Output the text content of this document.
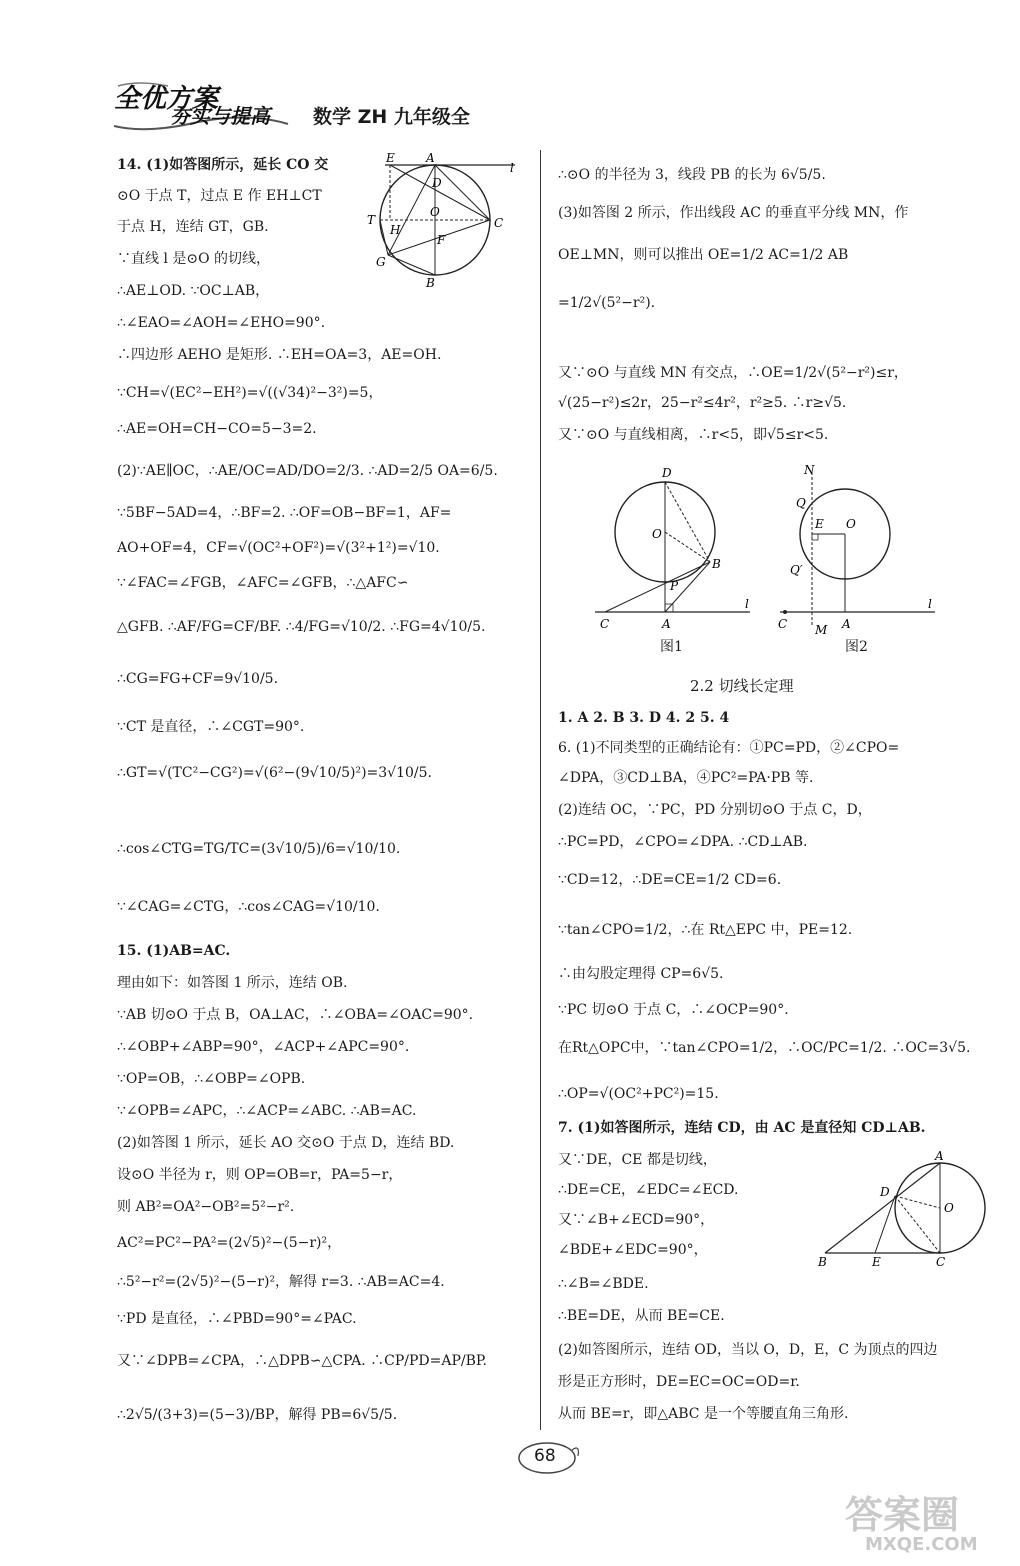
全优方案
夯实与提高 数学 ZH 九年级全
E	A
l
D
O
C
T
H
F
G
B
14. (1)如答图所示，延长 CO 交
⊙O 于点 T，过点 E 作 EH⊥CT
于点 H，连结 GT，GB.
∵直线 l 是⊙O 的切线，
∴AE⊥OD. ∵OC⊥AB，
∴∠EAO=∠AOH=∠EHO=90°.
∴四边形 AEHO 是矩形. ∴EH=OA=3，AE=OH.
∵CH=√(EC²−EH²)=√((√34)²−3²)=5，
∴AE=OH=CH−CO=5−3=2.
(2)∵AE∥OC，∴AE/OC=AD/DO=2/3. ∴AD=2/5 OA=6/5.
∵5BF−5AD=4，∴BF=2. ∴OF=OB−BF=1，AF=
AO+OF=4，CF=√(OC²+OF²)=√(3²+1²)=√10.
∵∠FAC=∠FGB，∠AFC=∠GFB，∴△AFC∽
△GFB. ∴AF/FG=CF/BF. ∴4/FG=√10/2. ∴FG=4√10/5.
∴CG=FG+CF=9√10/5.
∵CT 是直径，∴∠CGT=90°.
∴GT=√(TC²−CG²)=√(6²−(9√10/5)²)=3√10/5.
∴cos∠CTG=TG/TC=(3√10/5)/6=√10/10.
∵∠CAG=∠CTG，∴cos∠CAG=√10/10.
15. (1)AB=AC.
理由如下：如答图 1 所示，连结 OB.
∵AB 切⊙O 于点 B，OA⊥AC，∴∠OBA=∠OAC=90°.
∴∠OBP+∠ABP=90°，∠ACP+∠APC=90°.
∵OP=OB，∴∠OBP=∠OPB.
∵∠OPB=∠APC，∴∠ACP=∠ABC. ∴AB=AC.
(2)如答图 1 所示，延长 AO 交⊙O 于点 D，连结 BD.
设⊙O 半径为 r，则 OP=OB=r，PA=5−r，
则 AB²=OA²−OB²=5²−r².
AC²=PC²−PA²=(2√5)²−(5−r)²，
∴5²−r²=(2√5)²−(5−r)²，解得 r=3. ∴AB=AC=4.
∵PD 是直径，∴∠PBD=90°=∠PAC.
又∵∠DPB=∠CPA，∴△DPB∽△CPA. ∴CP/PD=AP/BP.
∴2√5/(3+3)=(5−3)/BP，解得 PB=6√5/5.
∴⊙O 的半径为 3，线段 PB 的长为 6√5/5.
(3)如答图 2 所示，作出线段 AC 的垂直平分线 MN，作
OE⊥MN，则可以推出 OE=1/2 AC=1/2 AB
=1/2√(5²−r²).
又∵⊙O 与直线 MN 有交点，∴OE=1/2√(5²−r²)≤r，
√(25−r²)≤2r，25−r²≤4r²，r²≥5. ∴r≥√5.
又∵⊙O 与直线相离，∴r<5，即√5≤r<5.
D
O
B
P
A
C
l
N
Q
E O
Q′
C M A
l
图1	图2
2.2 切线长定理
1. A 2. B 3. D 4. 2 5. 4
6. (1)不同类型的正确结论有：①PC=PD，②∠CPO=
∠DPA，③CD⊥BA，④PC²=PA·PB 等.
(2)连结 OC，∵PC，PD 分别切⊙O 于点 C，D，
∴PC=PD，∠CPO=∠DPA. ∴CD⊥AB.
∵CD=12，∴DE=CE=1/2 CD=6.
∵tan∠CPO=1/2，∴在 Rt△EPC 中，PE=12.
∴由勾股定理得 CP=6√5.
∵PC 切⊙O 于点 C，∴∠OCP=90°.
在Rt△OPC中，∵tan∠CPO=1/2，∴OC/PC=1/2. ∴OC=3√5.
∴OP=√(OC²+PC²)=15.
7. (1)如答图所示，连结 CD，由 AC 是直径知 CD⊥AB.
又∵DE，CE 都是切线，
∴DE=CE，∠EDC=∠ECD.
又∵∠B+∠ECD=90°，
∠BDE+∠EDC=90°，
∴∠B=∠BDE.
∴BE=DE，从而 BE=CE.
(2)如答图所示，连结 OD，当以 O，D，E，C 为顶点的四边
形是正方形时，DE=EC=OC=OD=r.
从而 BE=r，即△ABC 是一个等腰直角三角形.
A
D
O
B	E	C
68
答案圈
MXQE.COM
